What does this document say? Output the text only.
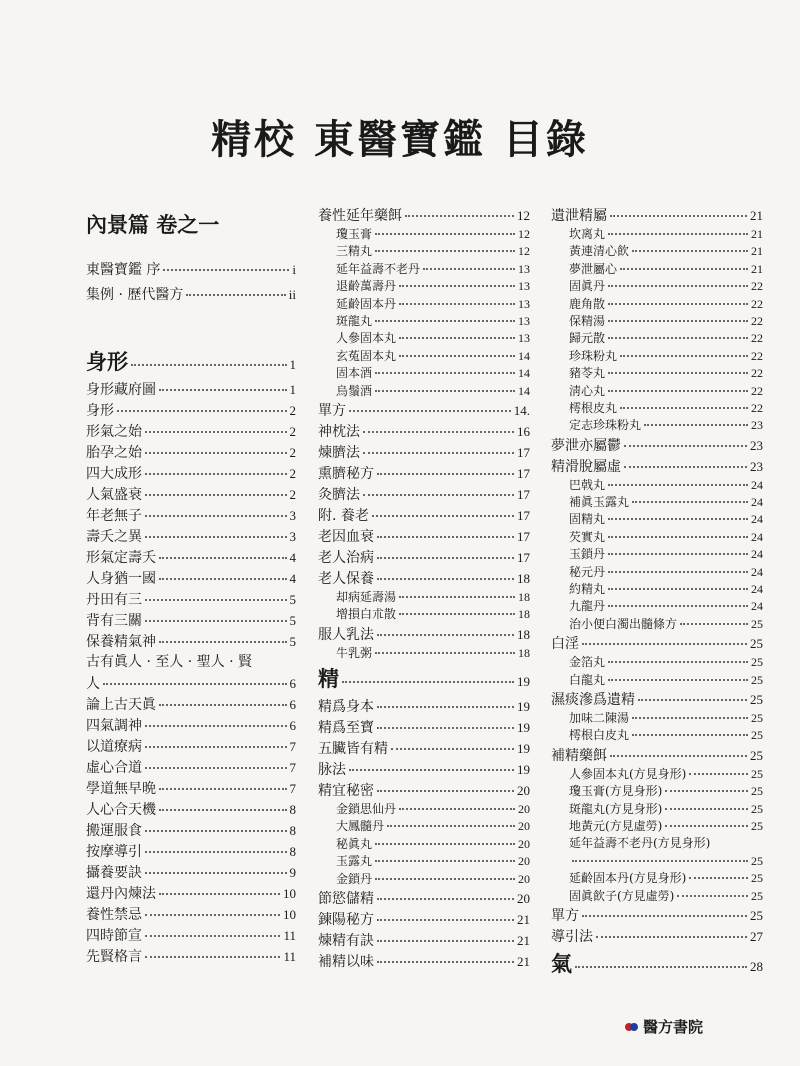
精校 東醫寶鑑 目錄
內景篇 卷之一
東醫寶鑑 序	i
集例 · 歷代醫方	ii
身形	1
身形藏府圖	1
身形	2
形氣之始	2
胎孕之始	2
四大成形	2
人氣盛衰	2
年老無子	3
壽夭之異	3
形氣定壽夭	4
人身猶一國	4
丹田有三	5
背有三關	5
保養精氣神	5
古有眞人 · 至人 · 聖人 · 賢
人	6
論上古天眞	6
四氣調神	6
以道療病	7
虛心合道	7
學道無早晩	7
人心合天機	8
搬運服食	8
按摩導引	8
攝養要訣	9
還丹內煉法	10
養性禁忌	10
四時節宣	11
先賢格言	11
養性延年藥餌	12
瓊玉膏	12
三精丸	12
延年益壽不老丹	13
退齡萬壽丹	13
延齡固本丹	13
斑龍丸	13
人參固本丸	13
玄菟固本丸	14
固本酒	14
烏鬚酒	14
單方	14.
神枕法	16
煉臍法	17
熏臍秘方	17
灸臍法	17
附. 養老	17
老因血衰	17
老人治病	17
老人保養	18
却病延壽湯	18
增損白朮散	18
服人乳法	18
牛乳粥	18
精	19
精爲身本	19
精爲至寶	19
五臟皆有精	19
脉法	19
精宜秘密	20
金鎖思仙丹	20
大鳳髓丹	20
秘眞丸	20
玉露丸	20
金鎖丹	20
節慾儲精	20
鍊陽秘方	21
煉精有訣	21
補精以味	21
遺泄精屬	21
坎离丸	21
黃連清心飮	21
夢泄屬心	21
固眞丹	22
鹿角散	22
保精湯	22
歸元散	22
珍珠粉丸	22
豬苓丸	22
淸心丸	22
樗根皮丸	22
定志珍珠粉丸	23
夢泄亦屬鬱	23
精滑脫屬虛	23
巴戟丸	24
補眞玉露丸	24
固精丸	24
芡實丸	24
玉鎖丹	24
秘元丹	24
約精丸	24
九龍丹	24
治小便白濁出髓條方	25
白淫	25
金箔丸	25
白龍丸	25
濕痰滲爲遺精	25
加味二陳湯	25
樗根白皮丸	25
補精藥餌	25
人參固本丸(方見身形)	25
瓊玉膏(方見身形)	25
斑龍丸(方見身形)	25
地黃元(方見虛勞)	25
延年益壽不老丹(方見身形)
25
延齡固本丹(方見身形)	25
固眞飮子(方見虛勞)	25
單方	25
導引法	27
氣	28
醫方書院
